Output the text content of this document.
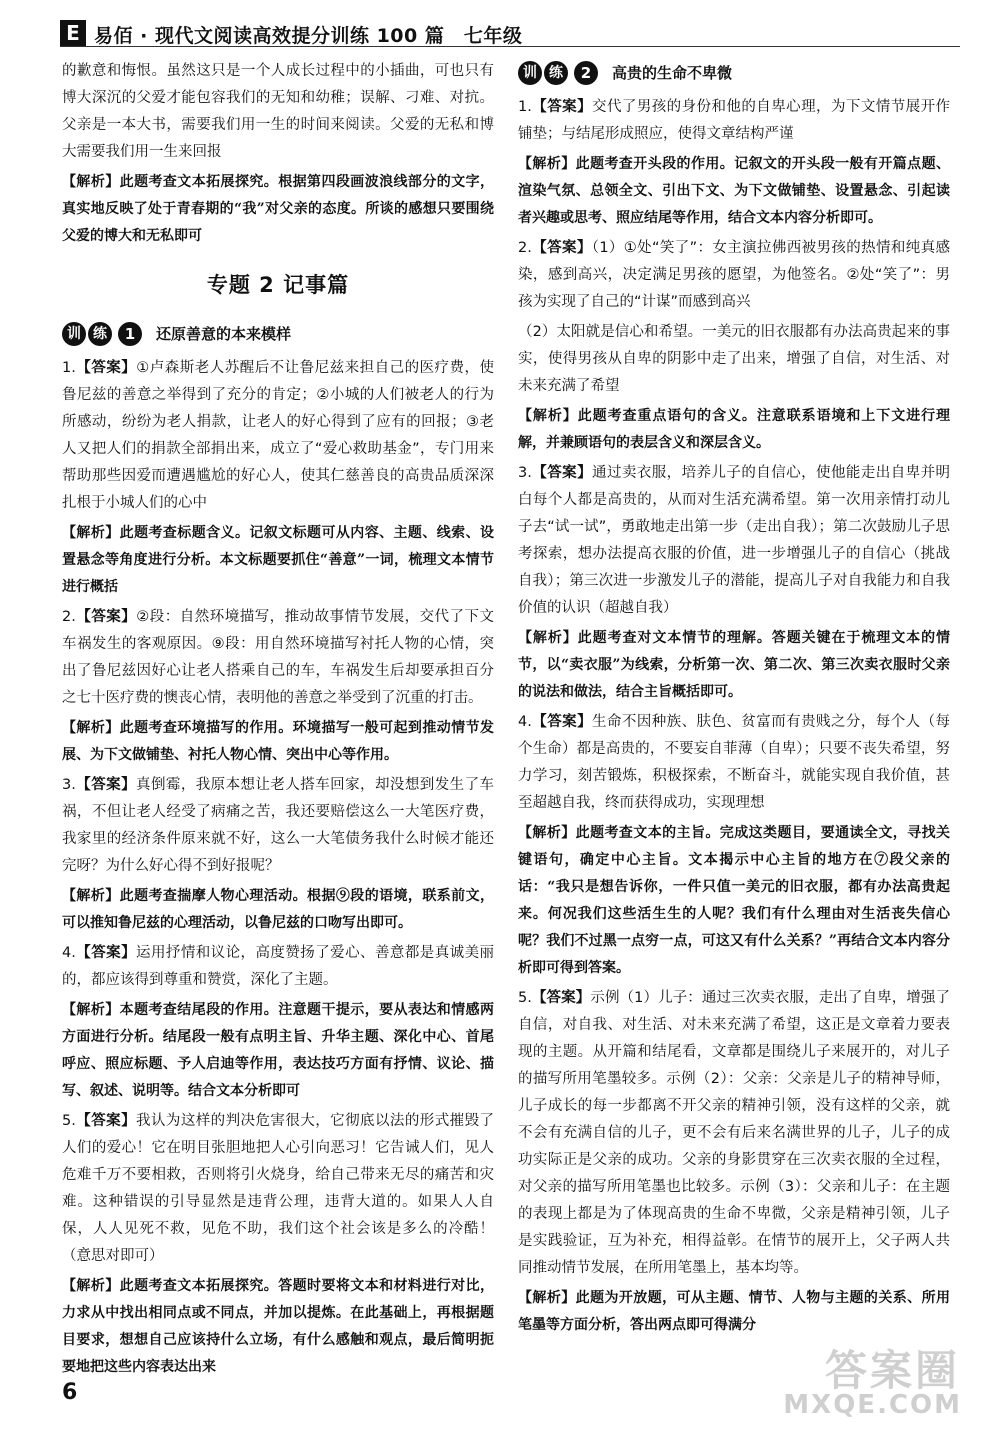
E 易佰 · 现代文阅读高效提分训练 100 篇　七年级

的歉意和悔恨。虽然这只是一个人成长过程中的小插曲，可也只有博大深沉的父爱才能包容我们的无知和幼稚；误解、刁难、对抗。父亲是一本大书，需要我们用一生的时间来阅读。父爱的无私和博大需要我们用一生来回报

【解析】此题考查文本拓展探究。根据第四段画波浪线部分的文字，真实地反映了处于青春期的“我”对父亲的态度。所谈的感想只要围绕父爱的博大和无私即可

专题 2 记事篇
训 练	1	还原善意的本来模样

1.【答案】①卢森斯老人苏醒后不让鲁尼兹来担自己的医疗费，使鲁尼兹的善意之举得到了充分的肯定；②小城的人们被老人的行为所感动，纷纷为老人捐款，让老人的好心得到了应有的回报；③老人又把人们的捐款全部捐出来，成立了“爱心救助基金”，专门用来帮助那些因爱而遭遇尴尬的好心人，使其仁慈善良的高贵品质深深扎根于小城人们的心中

【解析】此题考查标题含义。记叙文标题可从内容、主题、线索、设置悬念等角度进行分析。本文标题要抓住“善意”一词，梳理文本情节进行概括

2.【答案】②段：自然环境描写，推动故事情节发展，交代了下文车祸发生的客观原因。⑨段：用自然环境描写衬托人物的心情，突出了鲁尼兹因好心让老人搭乘自己的车，车祸发生后却要承担百分之七十医疗费的懊丧心情，表明他的善意之举受到了沉重的打击。

【解析】此题考查环境描写的作用。环境描写一般可起到推动情节发展、为下文做铺垫、衬托人物心情、突出中心等作用。

3.【答案】真倒霉，我原本想让老人搭车回家，却没想到发生了车祸，不但让老人经受了病痛之苦，我还要赔偿这么一大笔医疗费，我家里的经济条件原来就不好，这么一大笔债务我什么时候才能还完呀？为什么好心得不到好报呢？

【解析】此题考查揣摩人物心理活动。根据⑨段的语境，联系前文，可以推知鲁尼兹的心理活动，以鲁尼兹的口吻写出即可。

4.【答案】运用抒情和议论，高度赞扬了爱心、善意都是真诚美丽的，都应该得到尊重和赞赏，深化了主题。

【解析】本题考查结尾段的作用。注意题干提示，要从表达和情感两方面进行分析。结尾段一般有点明主旨、升华主题、深化中心、首尾呼应、照应标题、予人启迪等作用，表达技巧方面有抒情、议论、描写、叙述、说明等。结合文本分析即可

5.【答案】我认为这样的判决危害很大，它彻底以法的形式摧毁了人们的爱心！它在明目张胆地把人心引向恶习！它告诫人们，见人危难千万不要相救，否则将引火烧身，给自己带来无尽的痛苦和灾难。这种错误的引导显然是违背公理，违背大道的。如果人人自保，人人见死不救，见危不助，我们这个社会该是多么的冷酷！（意思对即可）

【解析】此题考查文本拓展探究。答题时要将文本和材料进行对比，力求从中找出相同点或不同点，并加以提炼。在此基础上，再根据题目要求，想想自己应该持什么立场，有什么感触和观点，最后简明扼要地把这些内容表达出来

训 练	2	高贵的生命不卑微

1.【答案】交代了男孩的身份和他的自卑心理，为下文情节展开作铺垫；与结尾形成照应，使得文章结构严谨

【解析】此题考查开头段的作用。记叙文的开头段一般有开篇点题、渲染气氛、总领全文、引出下文、为下文做铺垫、设置悬念、引起读者兴趣或思考、照应结尾等作用，结合文本内容分析即可。

2.【答案】（1）①处“笑了”：女主演拉佛西被男孩的热情和纯真感染，感到高兴，决定满足男孩的愿望，为他签名。②处“笑了”：男孩为实现了自己的“计谋”而感到高兴

（2）太阳就是信心和希望。一美元的旧衣服都有办法高贵起来的事实，使得男孩从自卑的阴影中走了出来，增强了自信，对生活、对未来充满了希望

【解析】此题考查重点语句的含义。注意联系语境和上下文进行理解，并兼顾语句的表层含义和深层含义。

3.【答案】通过卖衣服，培养儿子的自信心，使他能走出自卑并明白每个人都是高贵的，从而对生活充满希望。第一次用亲情打动儿子去“试一试”，勇敢地走出第一步（走出自我）；第二次鼓励儿子思考探索，想办法提高衣服的价值，进一步增强儿子的自信心（挑战自我）；第三次进一步激发儿子的潜能，提高儿子对自我能力和自我价值的认识（超越自我）

【解析】此题考查对文本情节的理解。答题关键在于梳理文本的情节，以“卖衣服”为线索，分析第一次、第二次、第三次卖衣服时父亲的说法和做法，结合主旨概括即可。

4.【答案】生命不因种族、肤色、贫富而有贵贱之分，每个人（每个生命）都是高贵的，不要妄自菲薄（自卑）；只要不丧失希望，努力学习，刻苦锻炼，积极探索，不断奋斗，就能实现自我价值，甚至超越自我，终而获得成功，实现理想

【解析】此题考查文本的主旨。完成这类题目，要通读全文，寻找关键语句，确定中心主旨。文本揭示中心主旨的地方在⑦段父亲的话：“我只是想告诉你，一件只值一美元的旧衣服，都有办法高贵起来。何况我们这些活生生的人呢？我们有什么理由对生活丧失信心呢？我们不过黑一点穷一点，可这又有什么关系？”再结合文本内容分析即可得到答案。

5.【答案】示例（1）儿子：通过三次卖衣服，走出了自卑，增强了自信，对自我、对生活、对未来充满了希望，这正是文章着力要表现的主题。从开篇和结尾看，文章都是围绕儿子来展开的，对儿子的描写所用笔墨较多。示例（2）：父亲：父亲是儿子的精神导师，儿子成长的每一步都离不开父亲的精神引领，没有这样的父亲，就不会有充满自信的儿子，更不会有后来名满世界的儿子，儿子的成功实际正是父亲的成功。父亲的身影贯穿在三次卖衣服的全过程，对父亲的描写所用笔墨也比较多。示例（3）：父亲和儿子：在主题的表现上都是为了体现高贵的生命不卑微，父亲是精神引领，儿子是实践验证，互为补充，相得益彰。在情节的展开上，父子两人共同推动情节发展，在所用笔墨上，基本均等。

【解析】此题为开放题，可从主题、情节、人物与主题的关系、所用笔墨等方面分析，答出两点即可得满分

6	答案圈
MXQE.COM
